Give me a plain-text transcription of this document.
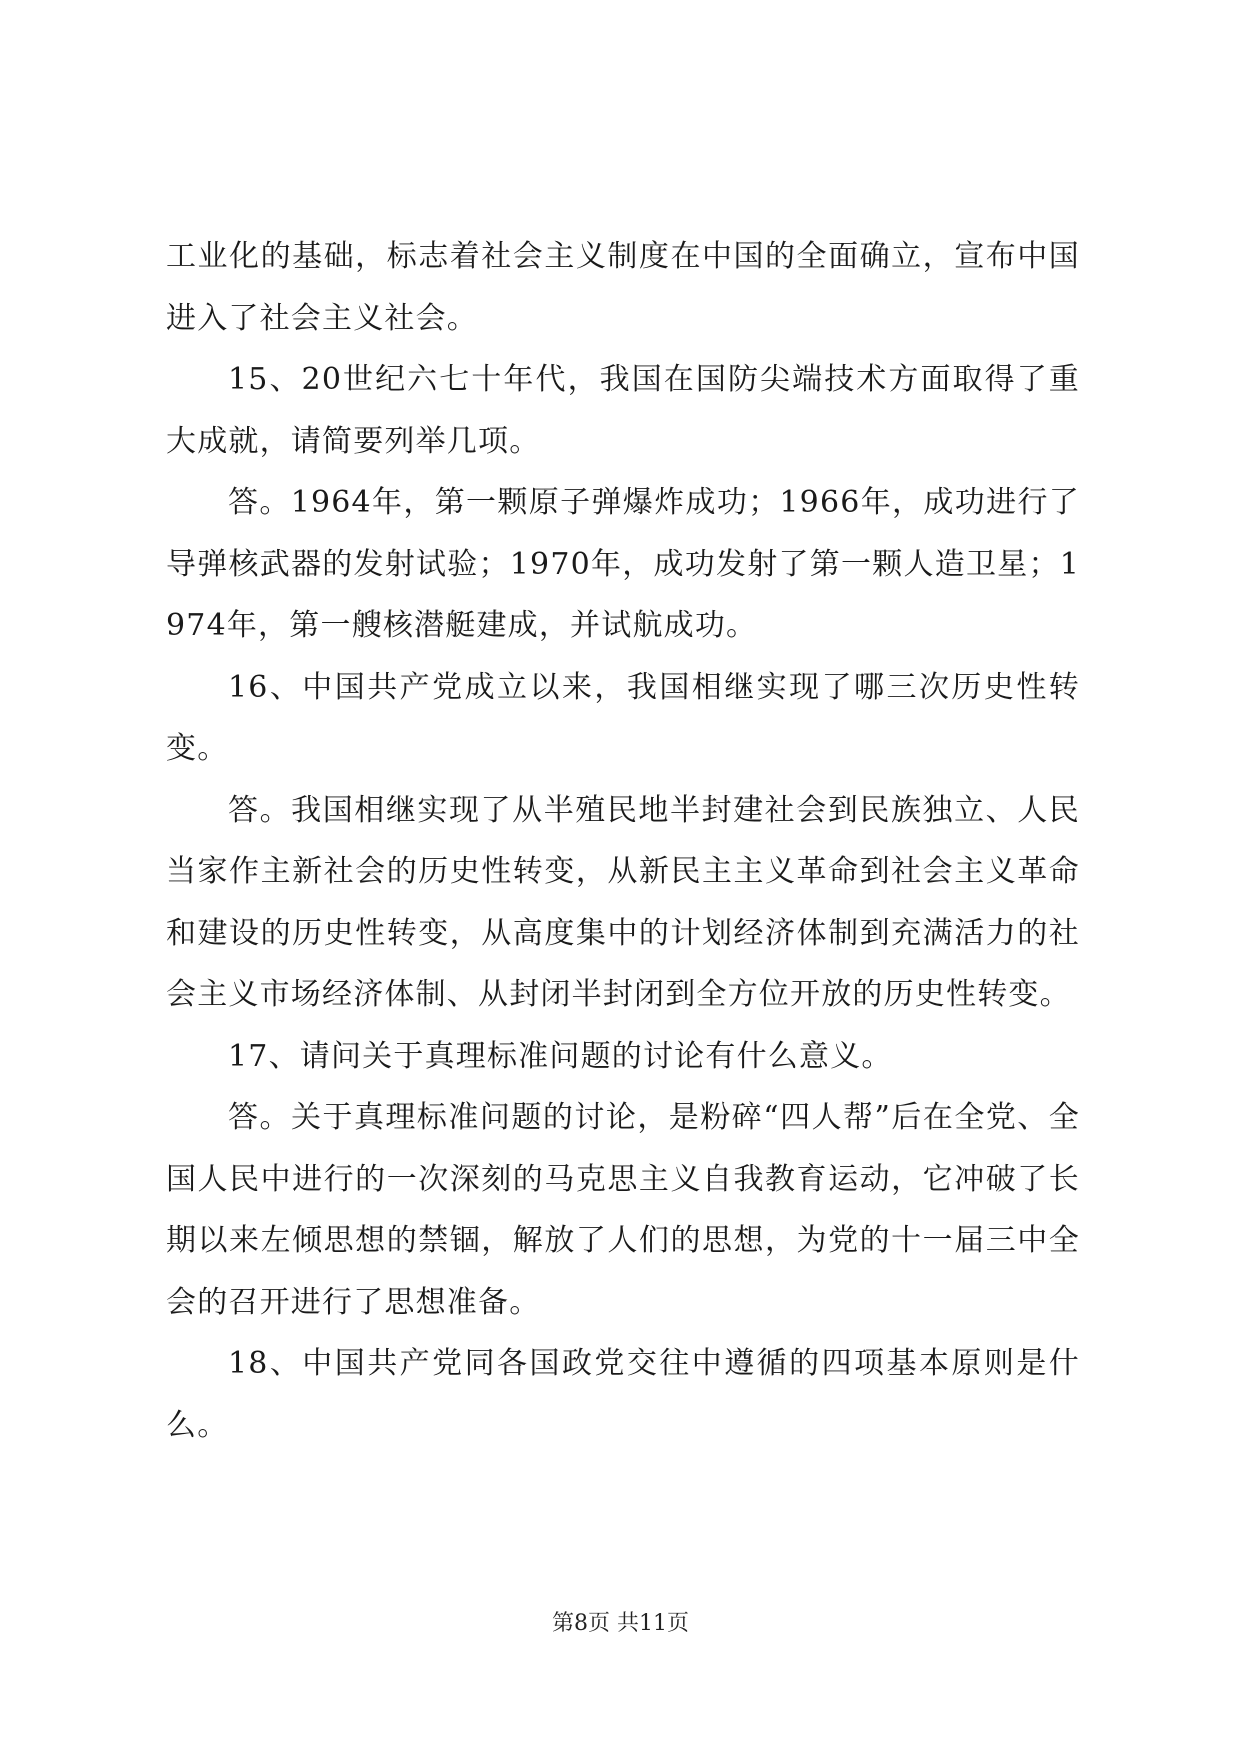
工业化的基础，标志着社会主义制度在中国的全面确立，宣布中国进入了社会主义社会。

15、20世纪六七十年代，我国在国防尖端技术方面取得了重大成就，请简要列举几项。

答。1964年，第一颗原子弹爆炸成功；1966年，成功进行了导弹核武器的发射试验；1970年，成功发射了第一颗人造卫星；1974年，第一艘核潜艇建成，并试航成功。

16、中国共产党成立以来，我国相继实现了哪三次历史性转变。

答。我国相继实现了从半殖民地半封建社会到民族独立、人民当家作主新社会的历史性转变，从新民主主义革命到社会主义革命和建设的历史性转变，从高度集中的计划经济体制到充满活力的社会主义市场经济体制、从封闭半封闭到全方位开放的历史性转变。

17、请问关于真理标准问题的讨论有什么意义。

答。关于真理标准问题的讨论，是粉碎“四人帮”后在全党、全国人民中进行的一次深刻的马克思主义自我教育运动，它冲破了长期以来左倾思想的禁锢，解放了人们的思想，为党的十一届三中全会的召开进行了思想准备。

18、中国共产党同各国政党交往中遵循的四项基本原则是什么。

第8页 共11页
